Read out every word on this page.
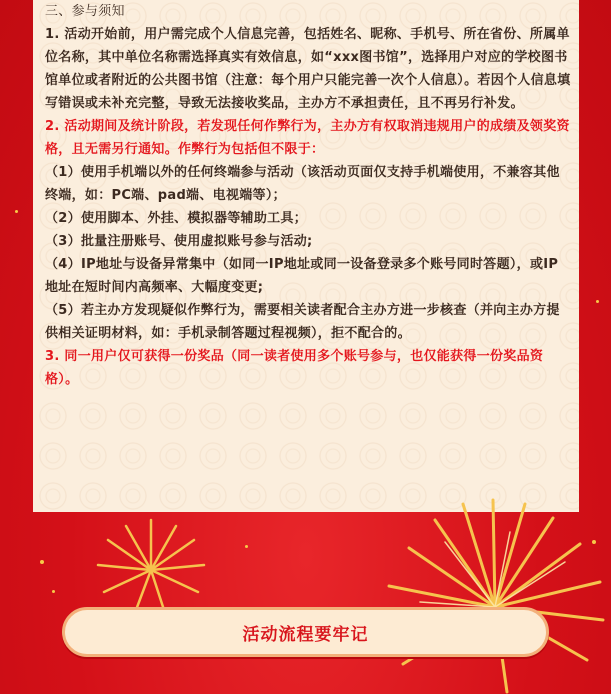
三、参与须知

1. 活动开始前，用户需完成个人信息完善，包括姓名、昵称、手机号、所在省份、所属单位名称，其中单位名称需选择真实有效信息，如“xxx图书馆”，选择用户对应的学校图书馆单位或者附近的公共图书馆（注意：每个用户只能完善一次个人信息）。若因个人信息填写错误或未补充完整，导致无法接收奖品，主办方不承担责任，且不再另行补发。

2. 活动期间及统计阶段，若发现任何作弊行为，主办方有权取消违规用户的成绩及领奖资格，且无需另行通知。作弊行为包括但不限于：

（1）使用手机端以外的任何终端参与活动（该活动页面仅支持手机端使用，不兼容其他终端，如：PC端、pad端、电视端等）；

（2）使用脚本、外挂、模拟器等辅助工具；

（3）批量注册账号、使用虚拟账号参与活动;

（4）IP地址与设备异常集中（如同一IP地址或同一设备登录多个账号同时答题），或IP地址在短时间内高频率、大幅度变更;

（5）若主办方发现疑似作弊行为，需要相关读者配合主办方进一步核查（并向主办方提供相关证明材料，如：手机录制答题过程视频），拒不配合的。

3. 同一用户仅可获得一份奖品（同一读者使用多个账号参与，也仅能获得一份奖品资格）。

活动流程要牢记
